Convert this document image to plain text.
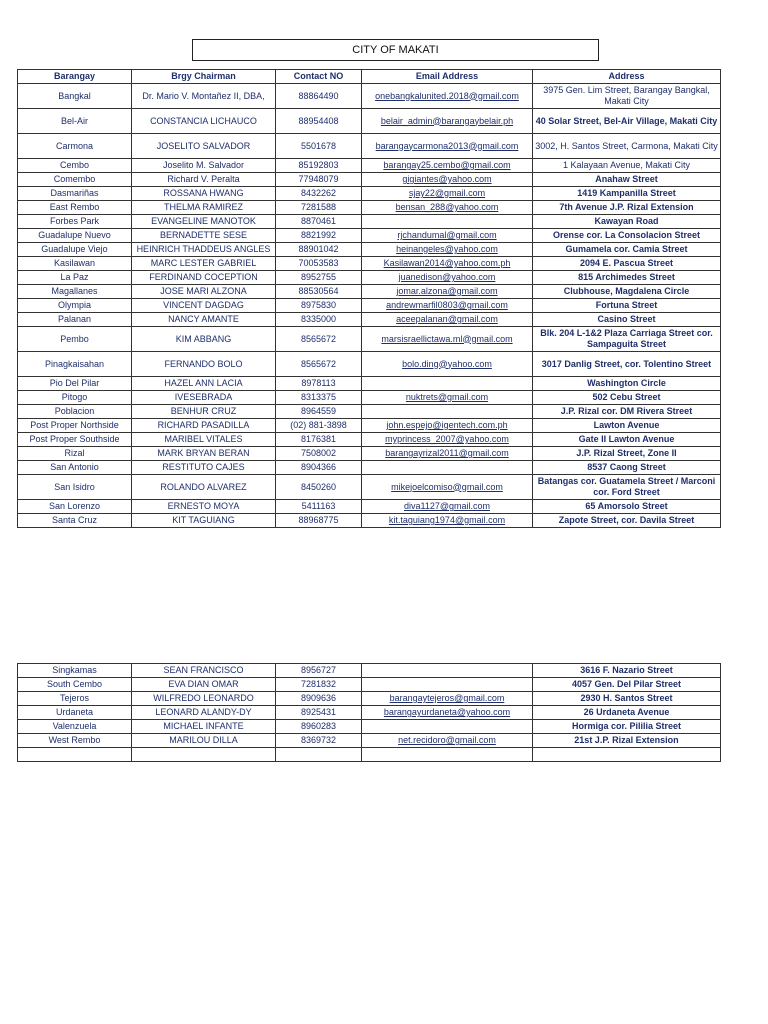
CITY OF MAKATI
Barangay	Brgy Chairman	Contact NO	Email Address	Address
Bangkal	Dr. Mario V. Montañez II, DBA,	88864490	onebangkalunited.2018@gmail.com	3975 Gen. Lim Street, Barangay Bangkal, Makati City
Bel-Air	CONSTANCIA LICHAUCO	88954408	belair_admin@barangaybelair.ph	40 Solar Street, Bel-Air Village, Makati City
Carmona	JOSELITO SALVADOR	5501678	barangaycarmona2013@gmail.com	3002, H. Santos Street, Carmona, Makati City
Cembo	Joselito M. Salvador	85192803	barangay25.cembo@gmail.com	1 Kalayaan Avenue, Makati City
Comembo	Richard V. Peralta	77948079	gigiantes@yahoo.com	Anahaw Street
Dasmariñas	ROSSANA HWANG	8432262	sjay22@gmail.com	1419 Kampanilla Street
East Rembo	THELMA RAMIREZ	7281588	bensan_288@yahoo.com	7th Avenue J.P. Rizal Extension
Forbes Park	EVANGELINE MANOTOK	8870461		Kawayan Road
Guadalupe Nuevo	BERNADETTE SESE	8821992	rjchandumal@gmail.com	Orense cor. La Consolacion Street
Guadalupe Viejo	HEINRICH THADDEUS ANGLES	88901042	heinangeles@yahoo.com	Gumamela cor. Camia Street
Kasilawan	MARC LESTER GABRIEL	70053583	Kasilawan2014@yahoo.com.ph	2094 E. Pascua Street
La Paz	FERDINAND COCEPTION	8952755	juanedison@yahoo.com	815 Archimedes Street
Magallanes	JOSE MARI ALZONA	88530564	jomar.alzona@gmail.com	Clubhouse, Magdalena Circle
Olympia	VINCENT DAGDAG	8975830	andrewmarfil0803@gmail.com	Fortuna Street
Palanan	NANCY AMANTE	8335000	aceepalanan@gmail.com	Casino Street
Pembo	KIM ABBANG	8565672	marsisraellictawa.ml@gmail.com	Blk. 204 L-1&2 Plaza Carriaga Street cor. Sampaguita Street
Pinagkaisahan	FERNANDO BOLO	8565672	bolo.ding@yahoo.com	3017 Danlig Street, cor. Tolentino Street
Pio Del Pilar	HAZEL ANN LACIA	8978113		Washington Circle
Pitogo	IVESEBRADA	8313375	nuktrets@gmail.com	502 Cebu Street
Poblacion	BENHUR CRUZ	8964559		J.P. Rizal cor. DM Rivera Street
Post Proper Northside	RICHARD PASADILLA	(02) 881-3898	john.espejo@igentech.com.ph	Lawton Avenue
Post Proper Southside	MARIBEL VITALES	8176381	myprincess_2007@yahoo.com	Gate II Lawton Avenue
Rizal	MARK BRYAN BERAN	7508002	barangayrizal2011@gmail.com	J.P. Rizal Street, Zone II
San Antonio	RESTITUTO CAJES	8904366		8537 Caong Street
San Isidro	ROLANDO ALVAREZ	8450260	mikejoelcomiso@gmail.com	Batangas cor. Guatamela Street / Marconi cor. Ford Street
San Lorenzo	ERNESTO MOYA	5411163	diva1127@gmail.com	65 Amorsolo Street
Santa Cruz	KIT TAGUIANG	88968775	kit.taguiang1974@gmail.com	Zapote Street, cor. Davila Street
Singkamas	SEAN FRANCISCO	8956727		3616 F. Nazario Street
South Cembo	EVA DIAN OMAR	7281832		4057 Gen. Del Pilar Street
Tejeros	WILFREDO LEONARDO	8909636	barangaytejeros@gmail.com	2930 H. Santos Street
Urdaneta	LEONARD ALANDY-DY	8925431	barangayurdaneta@yahoo.com	26 Urdaneta Avenue
Valenzuela	MICHAEL INFANTE	8960283		Hormiga cor. Pililia Street
West Rembo	MARILOU DILLA	8369732	net.recidoro@gmail.com	21st J.P. Rizal Extension
